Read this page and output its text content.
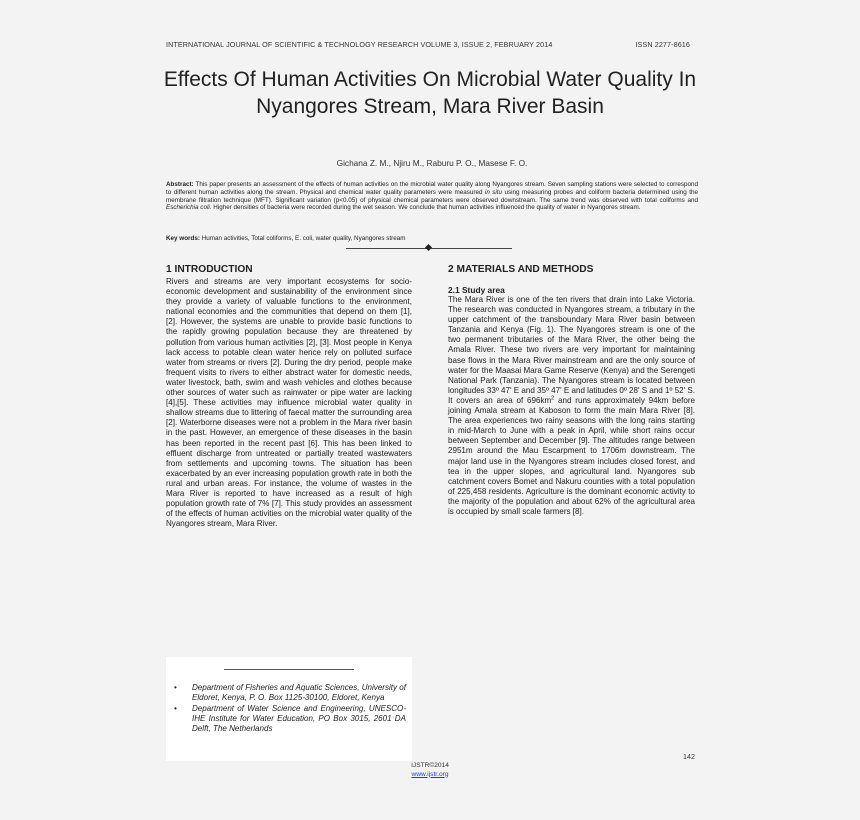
INTERNATIONAL JOURNAL OF SCIENTIFIC & TECHNOLOGY RESEARCH VOLUME 3, ISSUE 2, FEBRUARY 2014	ISSN 2277-8616
Effects Of Human Activities On Microbial Water Quality In Nyangores Stream, Mara River Basin
Gichana Z. M., Njiru M., Raburu P. O., Masese F. O.
Abstract: This paper presents an assessment of the effects of human activities on the microbial water quality along Nyangores stream. Seven sampling stations were selected to correspond to different human activities along the stream. Physical and chemical water quality parameters were measured in situ using measuring probes and coliform bacteria determined using the membrane filtration technique (MFT). Significant variation (p<0.05) of physical chemical parameters were observed downstream. The same trend was observed with total coliforms and Escherichia coli. Higher densities of bacteria were recorded during the wet season. We conclude that human activities influenced the quality of water in Nyangores stream.
Key words: Human activities, Total coliforms, E. coli, water quality, Nyangores stream
1 INTRODUCTION

Rivers and streams are very important ecosystems for socio-economic development and sustainability of the environment since they provide a variety of valuable functions to the environment, national economies and the communities that depend on them [1], [2]. However, the systems are unable to provide basic functions to the rapidly growing population because they are threatened by pollution from various human activities [2], [3]. Most people in Kenya lack access to potable clean water hence rely on polluted surface water from streams or rivers [2]. During the dry period, people make frequent visits to rivers to either abstract water for domestic needs, water livestock, bath, swim and wash vehicles and clothes because other sources of water such as rainwater or pipe water are lacking [4],[5]. These activities may influence microbial water quality in shallow streams due to littering of faecal matter the surrounding area [2]. Waterborne diseases were not a problem in the Mara river basin in the past. However, an emergence of these diseases in the basin has been reported in the recent past [6]. This has been linked to effluent discharge from untreated or partially treated wastewaters from settlements and upcoming towns. The situation has been exacerbated by an ever increasing population growth rate in both the rural and urban areas. For instance, the volume of wastes in the Mara River is reported to have increased as a result of high population growth rate of 7% [7]. This study provides an assessment of the effects of human activities on the microbial water quality of the Nyangores stream, Mara River.

2 MATERIALS AND METHODS
2.1 Study area

The Mara River is one of the ten rivers that drain into Lake Victoria. The research was conducted in Nyangores stream, a tributary in the upper catchment of the transboundary Mara River basin between Tanzania and Kenya (Fig. 1). The Nyangores stream is one of the two permanent tributaries of the Mara River, the other being the Amala River. These two rivers are very important for maintaining base flows in the Mara River mainstream and are the only source of water for the Maasai Mara Game Reserve (Kenya) and the Serengeti National Park (Tanzania). The Nyangores stream is located between longitudes 33º 47' E and 35º 47' E and latitudes 0º 28' S and 1º 52' S. It covers an area of $696km^2$ and runs approximately 94km before joining Amala stream at Kaboson to form the main Mara River [8]. The area experiences two rainy seasons with the long rains starting in mid-March to June with a peak in April, while short rains occur between September and December [9]. The altitudes range between 2951m around the Mau Escarpment to 1706m downstream. The major land use in the Nyangores stream includes closed forest, and tea in the upper slopes, and agricultural land. Nyangores sub catchment covers Bomet and Nakuru counties with a total population of 225,458 residents. Agriculture is the dominant economic activity to the majority of the population and about 62% of the agricultural area is occupied by small scale farmers [8].

• Department of Fisheries and Aquatic Sciences, University of Eldoret, Kenya, P. O. Box 1125-30100, Eldoret, Kenya
• Department of Water Science and Engineering, UNESCO-IHE Institute for Water Education, PO Box 3015, 2601 DA Delft, The Netherlands
142
IJSTR©2014
www.ijstr.org
